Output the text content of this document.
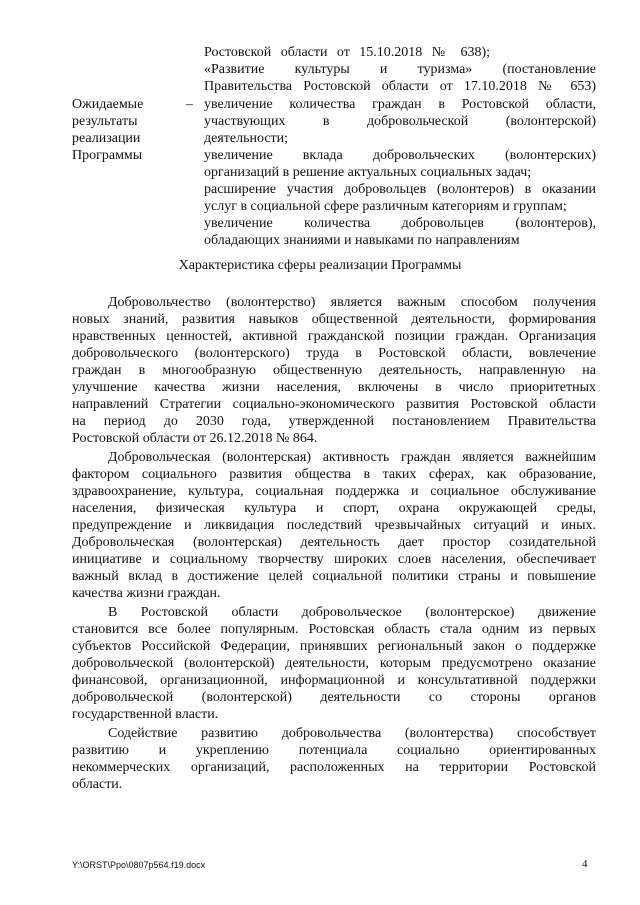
Ростовской области от 15.10.2018 № 638);
«Развитие культуры и туризма» (постановление
Правительства Ростовской области от 17.10.2018 № 653)
Ожидаемые
результаты
реализации
Программы
– увеличение количества граждан в Ростовской области,
участвующих в добровольческой (волонтерской)
деятельности;
увеличение вклада добровольческих (волонтерских)
организаций в решение актуальных социальных задач;
расширение участия добровольцев (волонтеров) в оказании
услуг в социальной сфере различным категориям и группам;
увеличение количества добровольцев (волонтеров),
обладающих знаниями и навыками по направлениям
Характеристика сферы реализации Программы
Добровольчество (волонтерство) является важным способом получения
новых знаний, развития навыков общественной деятельности, формирования
нравственных ценностей, активной гражданской позиции граждан. Организация
добровольческого (волонтерского) труда в Ростовской области, вовлечение
граждан в многообразную общественную деятельность, направленную на
улучшение качества жизни населения, включены в число приоритетных
направлений Стратегии социально-экономического развития Ростовской области
на период до 2030 года, утвержденной постановлением Правительства
Ростовской области от 26.12.2018 № 864.
Добровольческая (волонтерская) активность граждан является важнейшим
фактором социального развития общества в таких сферах, как образование,
здравоохранение, культура, социальная поддержка и социальное обслуживание
населения, физическая культура и спорт, охрана окружающей среды,
предупреждение и ликвидация последствий чрезвычайных ситуаций и иных.
Добровольческая (волонтерская) деятельность дает простор созидательной
инициативе и социальному творчеству широких слоев населения, обеспечивает
важный вклад в достижение целей социальной политики страны и повышение
качества жизни граждан.
В Ростовской области добровольческое (волонтерское) движение
становится все более популярным. Ростовская область стала одним из первых
субъектов Российской Федерации, принявших региональный закон о поддержке
добровольческой (волонтерской) деятельности, которым предусмотрено оказание
финансовой, организационной, информационной и консультативной поддержки
добровольческой (волонтерской) деятельности со стороны органов
государственной власти.
Содействие развитию добровольчества (волонтерства) способствует
развитию и укреплению потенциала социально ориентированных
некоммерческих организаций, расположенных на территории Ростовской
области.
Y:\ORST\Ppo\0807p564.f19.docx	4
